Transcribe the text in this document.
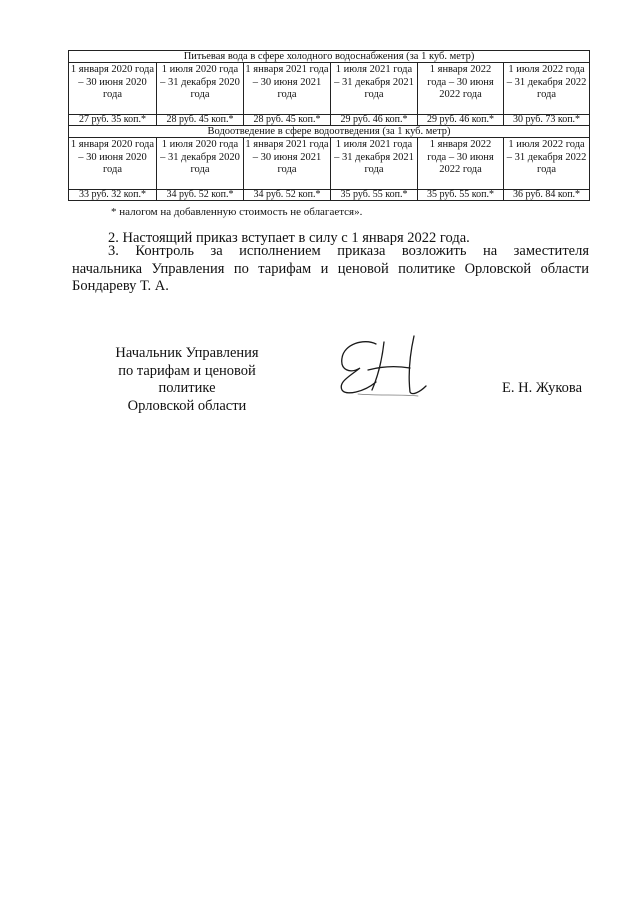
Питьевая вода в сфере холодного водоснабжения (за 1 куб. метр)					
1 января 2020 года – 30 июня 2020 года	1 июля 2020 года – 31 декабря 2020 года	1 января 2021 года – 30 июня 2021 года	1 июля 2021 года – 31 декабря 2021 года	1 января 2022 года – 30 июня 2022 года	1 июля 2022 года – 31 декабря 2022 года
27 руб. 35 коп.*	28 руб. 45 коп.*	28 руб. 45 коп.*	29 руб. 46 коп.*	29 руб. 46 коп.*	30 руб. 73 коп.*
Водоотведение в сфере водоотведения (за 1 куб. метр)					
1 января 2020 года – 30 июня 2020 года	1 июля 2020 года – 31 декабря 2020 года	1 января 2021 года – 30 июня 2021 года	1 июля 2021 года – 31 декабря 2021 года	1 января 2022 года – 30 июня 2022 года	1 июля 2022 года – 31 декабря 2022 года
33 руб. 32 коп.*	34 руб. 52 коп.*	34 руб. 52 коп.*	35 руб. 55 коп.*	35 руб. 55 коп.*	36 руб. 84 коп.*
* налогом на добавленную стоимость не облагается».
2. Настоящий приказ вступает в силу с 1 января 2022 года.
3. Контроль за исполнением приказа возложить на заместителя
начальника Управления по тарифам и ценовой политике Орловской области
Бондареву Т. А.
Начальник Управления
по тарифам и ценовой политике
Орловской области
Е. Н. Жукова
